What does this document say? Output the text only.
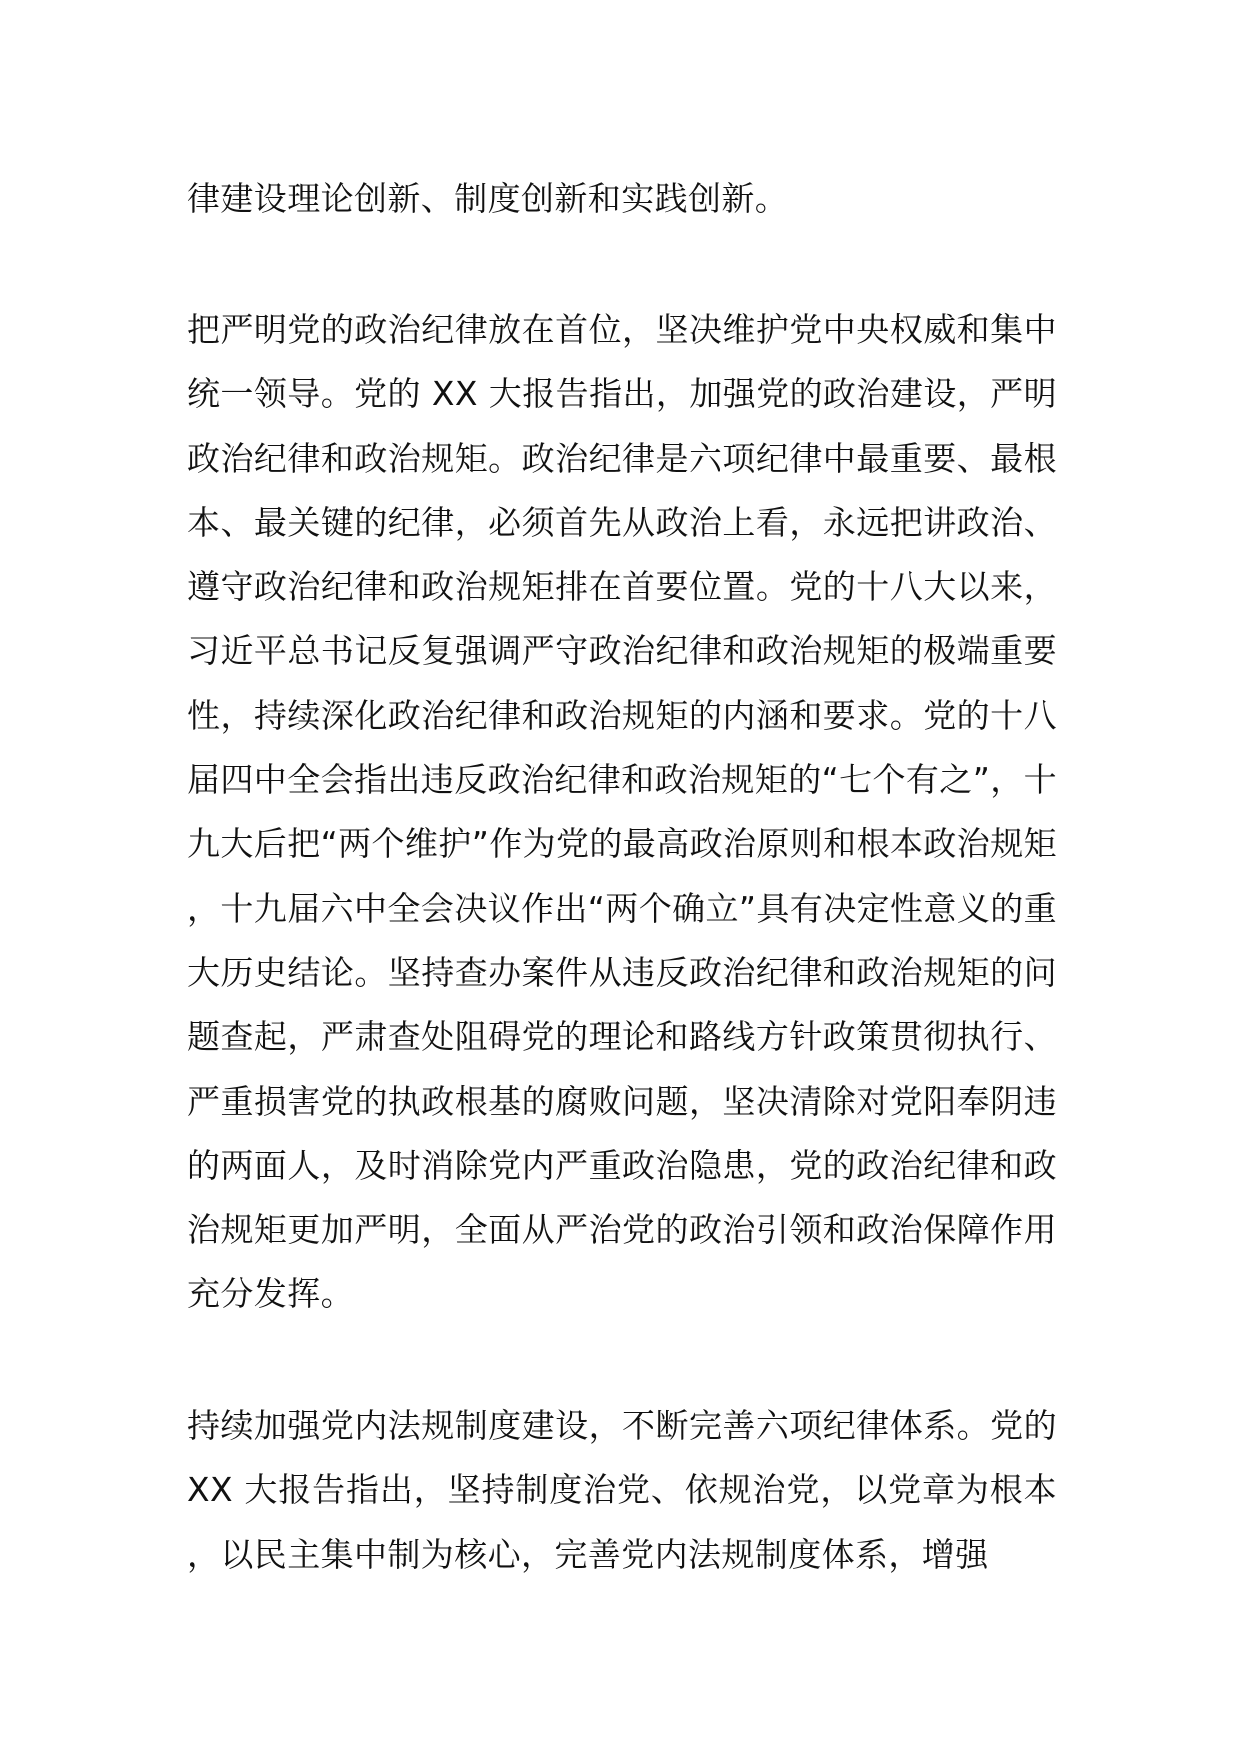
律建设理论创新、制度创新和实践创新。

把严明党的政治纪律放在首位，坚决维护党中央权威和集中统一领导。党的 XX 大报告指出，加强党的政治建设，严明政治纪律和政治规矩。政治纪律是六项纪律中最重要、最根本、最关键的纪律，必须首先从政治上看，永远把讲政治、遵守政治纪律和政治规矩排在首要位置。党的十八大以来，习近平总书记反复强调严守政治纪律和政治规矩的极端重要性，持续深化政治纪律和政治规矩的内涵和要求。党的十八届四中全会指出违反政治纪律和政治规矩的“七个有之”，十九大后把“两个维护”作为党的最高政治原则和根本政治规矩，十九届六中全会决议作出“两个确立”具有决定性意义的重大历史结论。坚持查办案件从违反政治纪律和政治规矩的问题查起，严肃查处阻碍党的理论和路线方针政策贯彻执行、严重损害党的执政根基的腐败问题，坚决清除对党阳奉阴违的两面人，及时消除党内严重政治隐患，党的政治纪律和政治规矩更加严明，全面从严治党的政治引领和政治保障作用充分发挥。

持续加强党内法规制度建设，不断完善六项纪律体系。党的 XX 大报告指出，坚持制度治党、依规治党，以党章为根本，以民主集中制为核心，完善党内法规制度体系，增强
